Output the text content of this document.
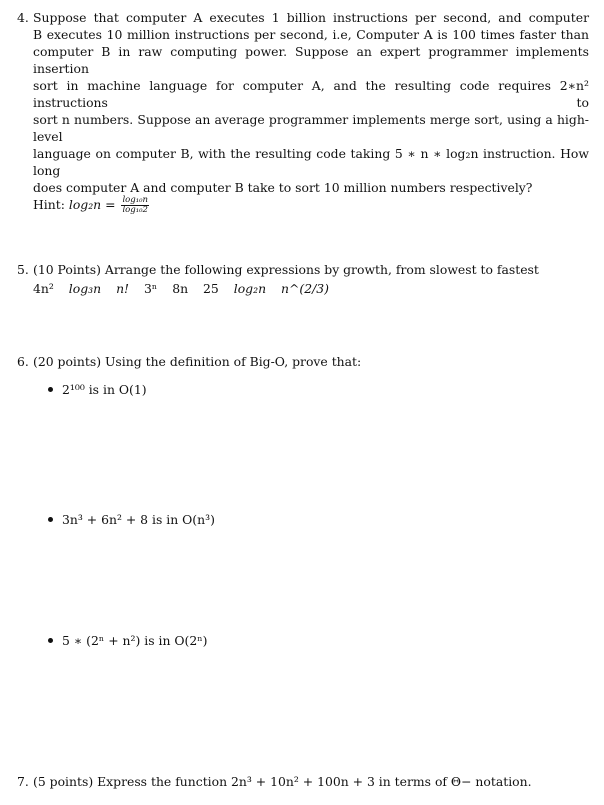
4. Suppose that computer A executes 1 billion instructions per second, and computer
B executes 10 million instructions per second, i.e, Computer A is 100 times faster than
computer B in raw computing power. Suppose an expert programmer implements insertion
sort in machine language for computer A, and the resulting code requires 2∗n² instructions to
sort n numbers. Suppose an average programmer implements merge sort, using a high-level
language on computer B, with the resulting code taking 5 ∗ n ∗ log₂n instruction. How long
does computer A and computer B take to sort 10 million numbers respectively?
Hint: $\log_2n = \frac{\text{log₁₀n}}{\text{log₁₀2}}$
5. (10 Points) Arrange the following expressions by growth, from slowest to fastest
4n² log₃n n! 3ⁿ 8n 25 log₂n n^(2/3)
6. (20 points) Using the definition of Big-O, prove that:
2¹⁰⁰ is in O(1)
3n³ + 6n² + 8 is in O(n³)
5 ∗ (2ⁿ + n²) is in O(2ⁿ)
7. (5 points) Express the function 2n³ + 10n² + 100n + 3 in terms of Θ− notation.
